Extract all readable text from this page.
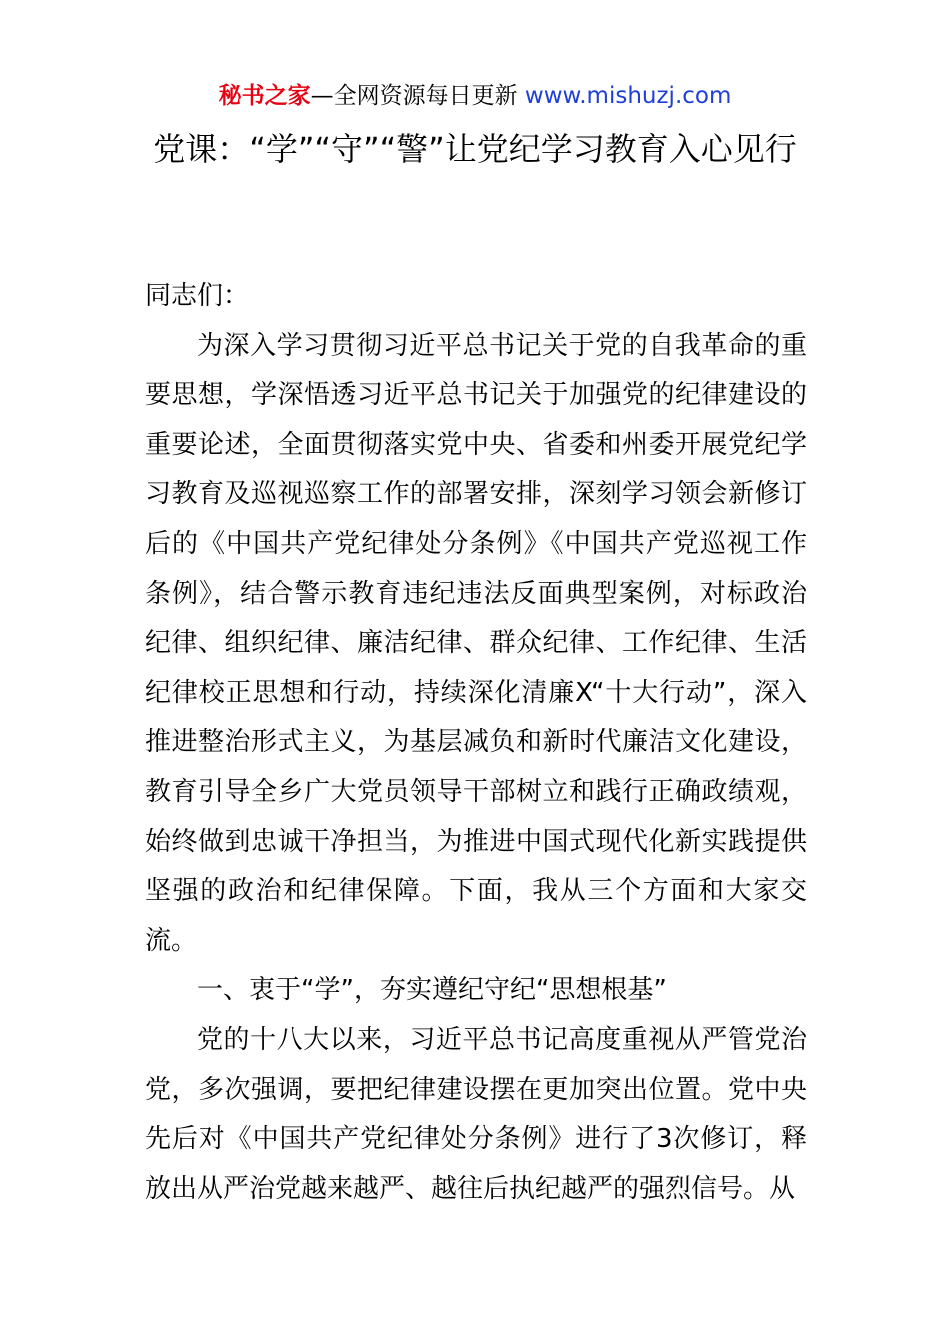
秘书之家—全网资源每日更新 www.mishuzj.com
党课：“学”“守”“警”让党纪学习教育入心见行

同志们：

为深入学习贯彻习近平总书记关于党的自我革命的重要思想，学深悟透习近平总书记关于加强党的纪律建设的重要论述，全面贯彻落实党中央、省委和州委开展党纪学习教育及巡视巡察工作的部署安排，深刻学习领会新修订后的《中国共产党纪律处分条例》《中国共产党巡视工作条例》，结合警示教育违纪违法反面典型案例，对标政治纪律、组织纪律、廉洁纪律、群众纪律、工作纪律、生活纪律校正思想和行动，持续深化清廉X“十大行动”，深入推进整治形式主义，为基层减负和新时代廉洁文化建设，教育引导全乡广大党员领导干部树立和践行正确政绩观，始终做到忠诚干净担当，为推进中国式现代化新实践提供坚强的政治和纪律保障。下面，我从三个方面和大家交流。

一、衷于“学”，夯实遵纪守纪“思想根基”

党的十八大以来，习近平总书记高度重视从严管党治党，多次强调，要把纪律建设摆在更加突出位置。党中央先后对《中国共产党纪律处分条例》进行了3次修订，释放出从严治党越来越严、越往后执纪越严的强烈信号。从
